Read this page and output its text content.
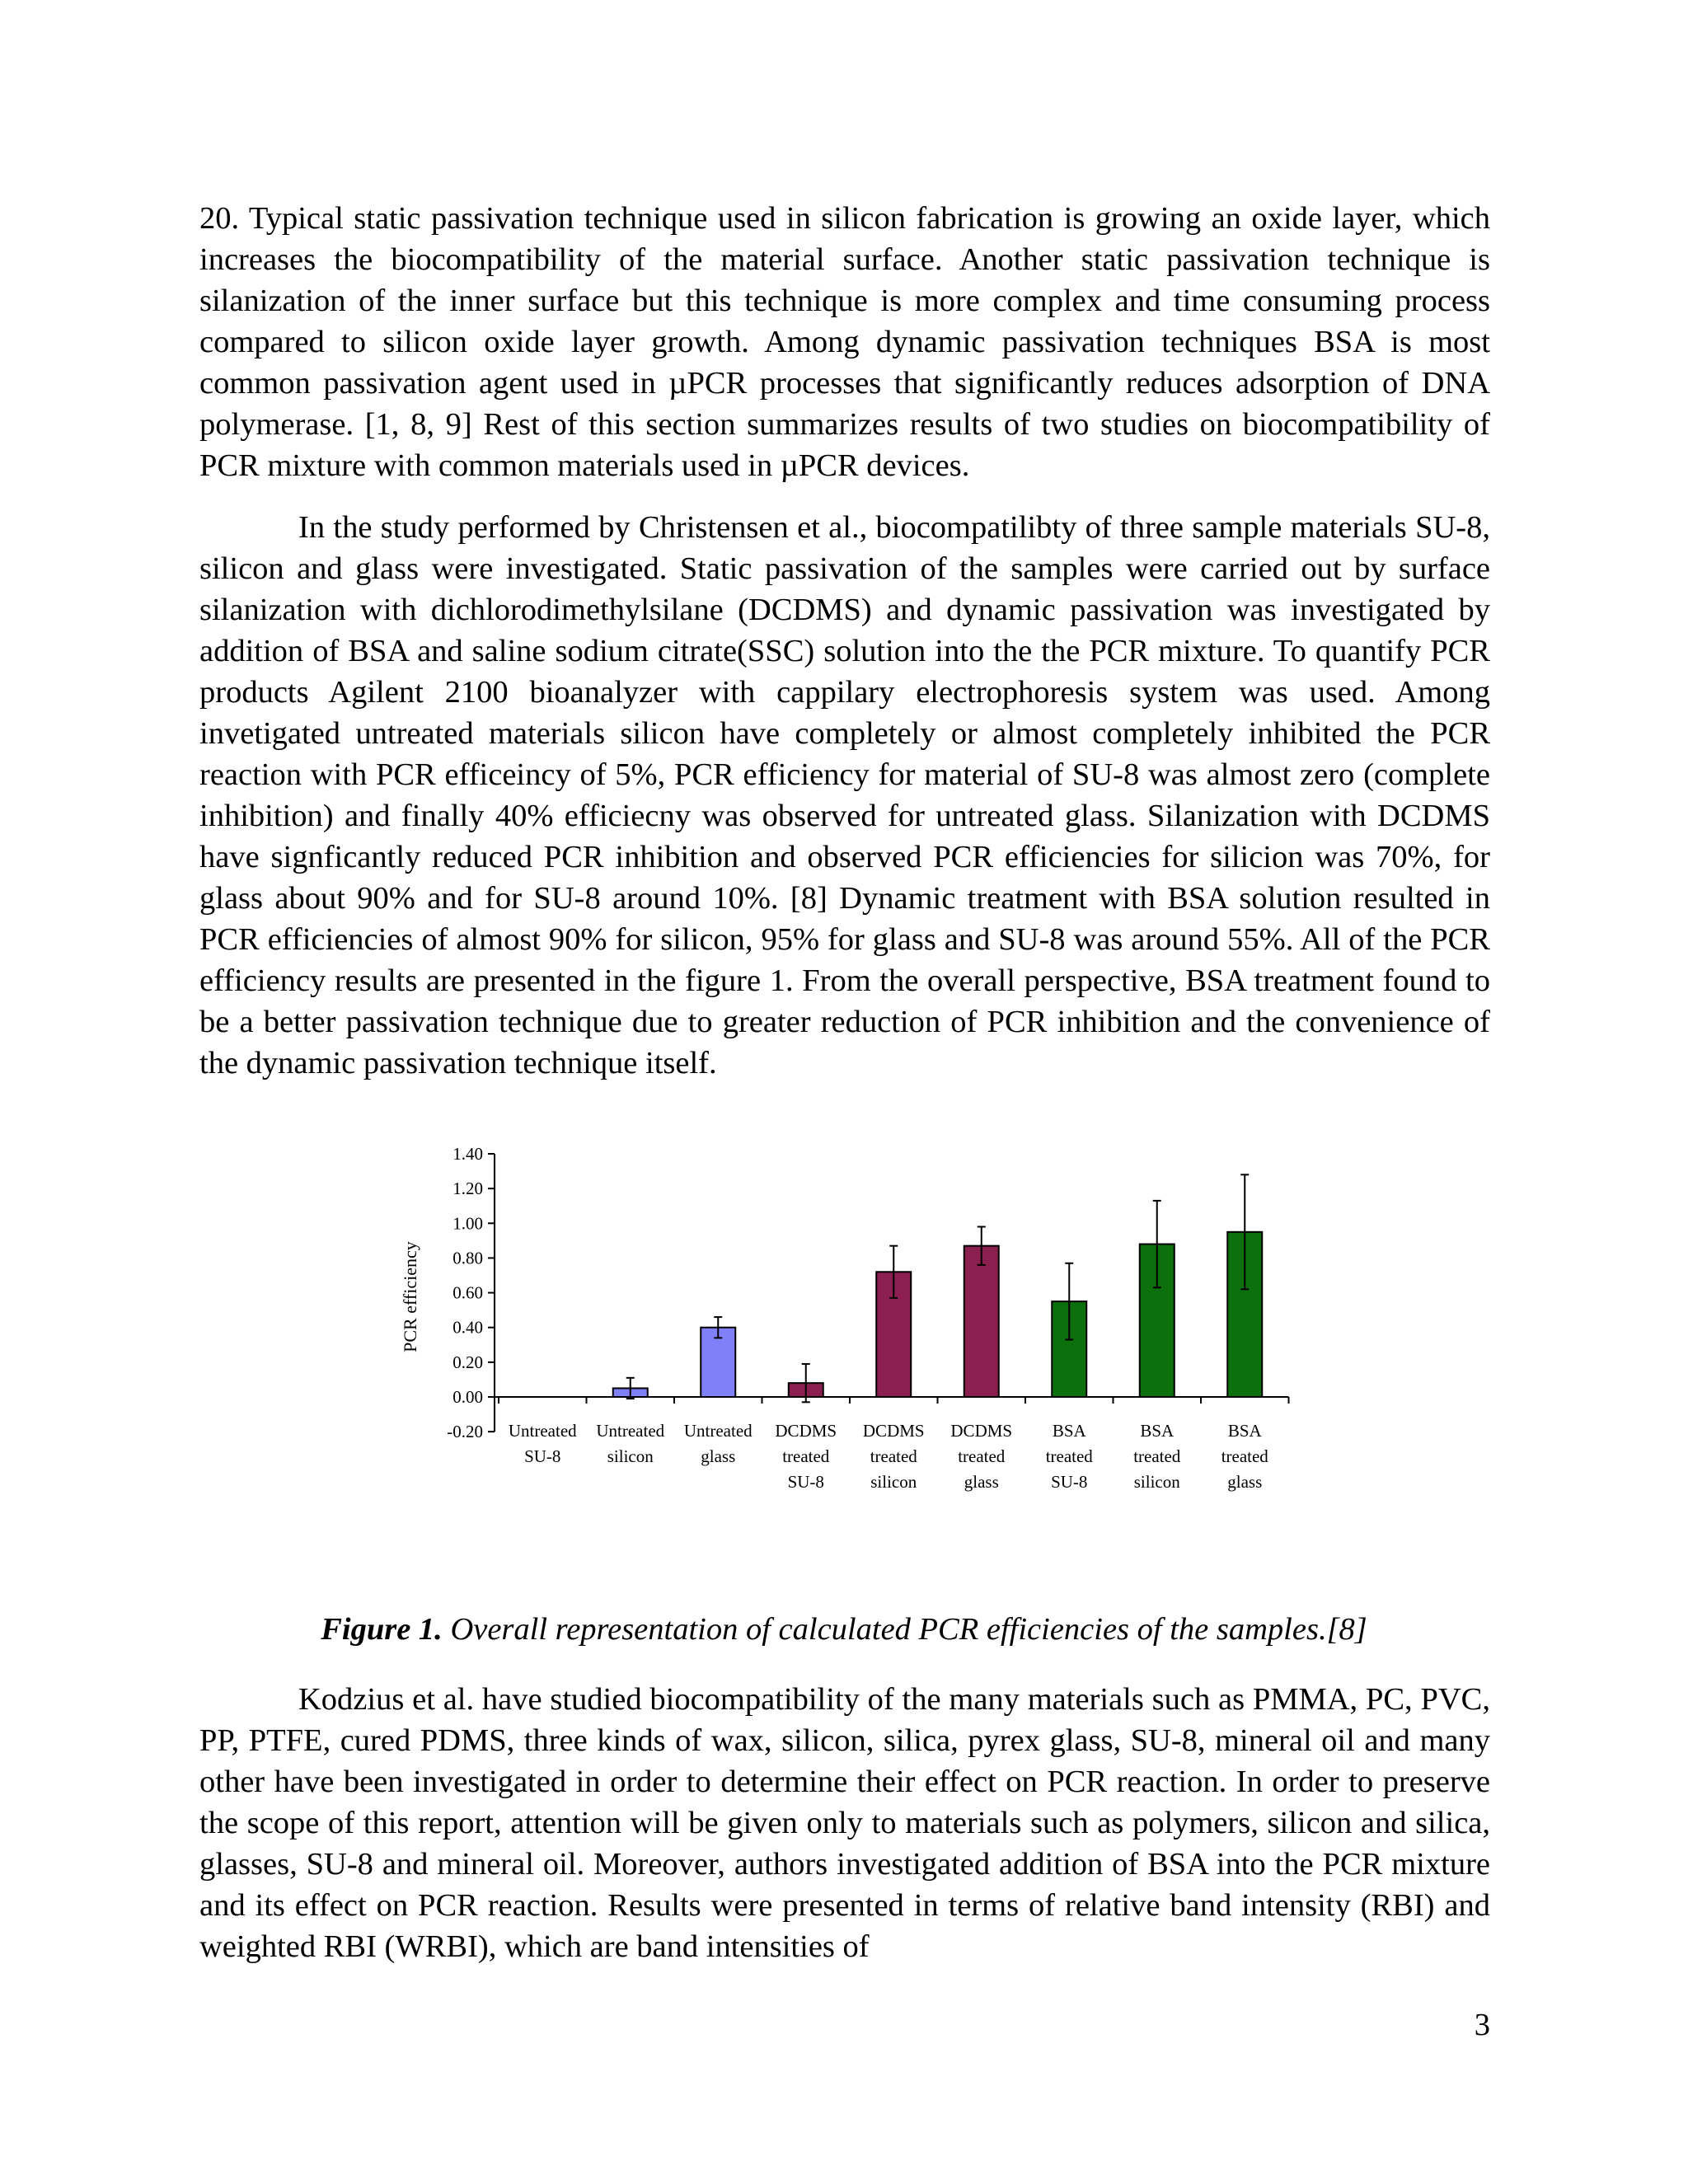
20. Typical static passivation technique used in silicon fabrication is growing an oxide layer, which increases the biocompatibility of the material surface. Another static passivation technique is silanization of the inner surface but this technique is more complex and time consuming process compared to silicon oxide layer growth. Among dynamic passivation techniques BSA is most common passivation agent used in µPCR processes that significantly reduces adsorption of DNA polymerase. [1, 8, 9] Rest of this section summarizes results of two studies on biocompatibility of PCR mixture with common materials used in µPCR devices.

In the study performed by Christensen et al., biocompatilibty of three sample materials SU-8, silicon and glass were investigated. Static passivation of the samples were carried out by surface silanization with dichlorodimethylsilane (DCDMS) and dynamic passivation was investigated by addition of BSA and saline sodium citrate(SSC) solution into the the PCR mixture. To quantify PCR products Agilent 2100 bioanalyzer with cappilary electrophoresis system was used. Among invetigated untreated materials silicon have completely or almost completely inhibited the PCR reaction with PCR efficeincy of 5%, PCR efficiency for material of SU-8 was almost zero (complete inhibition) and finally 40% efficiecny was observed for untreated glass. Silanization with DCDMS have signficantly reduced PCR inhibition and observed PCR efficiencies for silicion was 70%, for glass about 90% and for SU-8 around 10%. [8] Dynamic treatment with BSA solution resulted in PCR efficiencies of almost 90% for silicon, 95% for glass and SU-8 was around 55%. All of the PCR efficiency results are presented in the figure 1. From the overall perspective, BSA treatment found to be a better passivation technique due to greater reduction of PCR inhibition and the convenience of the dynamic passivation technique itself.

1.40
1.20
1.00
0.80
0.60
0.40
0.20
0.00
-0.20
PCR efficiency
Untreated
SU-8
Untreated
silicon
Untreated
glass
DCDMS
treated
SU-8
DCDMS
treated
silicon
DCDMS
treated
glass
BSA
treated
SU-8
BSA
treated
silicon
BSA
treated
glass

Figure 1. Overall representation of calculated PCR efficiencies of the samples.[8]

Kodzius et al. have studied biocompatibility of the many materials such as PMMA, PC, PVC, PP, PTFE, cured PDMS, three kinds of wax, silicon, silica, pyrex glass, SU-8, mineral oil and many other have been investigated in order to determine their effect on PCR reaction. In order to preserve the scope of this report, attention will be given only to materials such as polymers, silicon and silica, glasses, SU-8 and mineral oil. Moreover, authors investigated addition of BSA into the PCR mixture and its effect on PCR reaction. Results were presented in terms of relative band intensity (RBI) and weighted RBI (WRBI), which are band intensities of

3
